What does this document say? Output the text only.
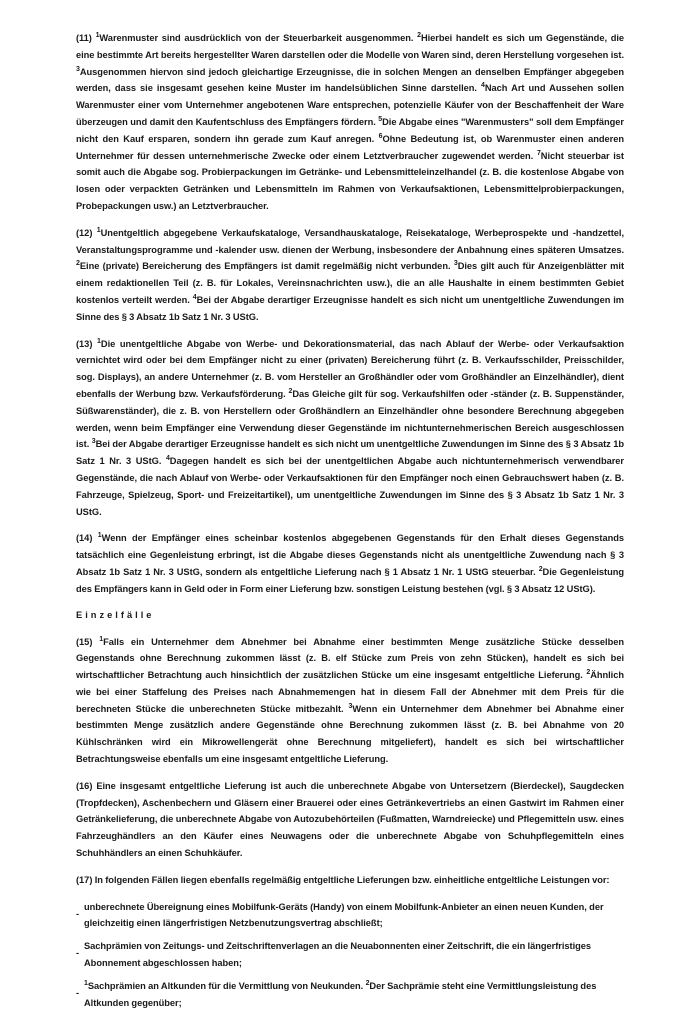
(11) $^1$Warenmuster sind ausdrücklich von der Steuerbarkeit ausgenommen. $^2$Hierbei handelt es sich um Gegenstände, die eine bestimmte Art bereits hergestellter Waren darstellen oder die Modelle von Waren sind, deren Herstellung vorgesehen ist. $^3$Ausgenommen hiervon sind jedoch gleichartige Erzeugnisse, die in solchen Mengen an denselben Empfänger abgegeben werden, dass sie insgesamt gesehen keine Muster im handelsüblichen Sinne darstellen. $^4$Nach Art und Aussehen sollen Warenmuster einer vom Unternehmer angebotenen Ware entsprechen, potenzielle Käufer von der Beschaffenheit der Ware überzeugen und damit den Kaufentschluss des Empfängers fördern. $^5$Die Abgabe eines "Warenmusters" soll dem Empfänger nicht den Kauf ersparen, sondern ihn gerade zum Kauf anregen. $^6$Ohne Bedeutung ist, ob Warenmuster einen anderen Unternehmer für dessen unternehmerische Zwecke oder einem Letztverbraucher zugewendet werden. $^7$Nicht steuerbar ist somit auch die Abgabe sog. Probierpackungen im Getränke- und Lebensmitteleinzelhandel (z. B. die kostenlose Abgabe von losen oder verpackten Getränken und Lebensmitteln im Rahmen von Verkaufsaktionen, Lebensmittelprobierpackungen, Probepackungen usw.) an Letztverbraucher.
(12) $^1$Unentgeltlich abgegebene Verkaufskataloge, Versandhauskataloge, Reisekataloge, Werbeprospekte und -handzettel, Veranstaltungsprogramme und -kalender usw. dienen der Werbung, insbesondere der Anbahnung eines späteren Umsatzes. $^2$Eine (private) Bereicherung des Empfängers ist damit regelmäßig nicht verbunden. $^3$Dies gilt auch für Anzeigenblätter mit einem redaktionellen Teil (z. B. für Lokales, Vereinsnachrichten usw.), die an alle Haushalte in einem bestimmten Gebiet kostenlos verteilt werden. $^4$Bei der Abgabe derartiger Erzeugnisse handelt es sich nicht um unentgeltliche Zuwendungen im Sinne des § 3 Absatz 1b Satz 1 Nr. 3 UStG.
(13) $^1$Die unentgeltliche Abgabe von Werbe- und Dekorationsmaterial, das nach Ablauf der Werbe- oder Verkaufsaktion vernichtet wird oder bei dem Empfänger nicht zu einer (privaten) Bereicherung führt (z. B. Verkaufsschilder, Preisschilder, sog. Displays), an andere Unternehmer (z. B. vom Hersteller an Großhändler oder vom Großhändler an Einzelhändler), dient ebenfalls der Werbung bzw. Verkaufsförderung. $^2$Das Gleiche gilt für sog. Verkaufshilfen oder -ständer (z. B. Suppenständer, Süßwarenständer), die z. B. von Herstellern oder Großhändlern an Einzelhändler ohne besondere Berechnung abgegeben werden, wenn beim Empfänger eine Verwendung dieser Gegenstände im nichtunternehmerischen Bereich ausgeschlossen ist. $^3$Bei der Abgabe derartiger Erzeugnisse handelt es sich nicht um unentgeltliche Zuwendungen im Sinne des § 3 Absatz 1b Satz 1 Nr. 3 UStG. $^4$Dagegen handelt es sich bei der unentgeltlichen Abgabe auch nichtunternehmerisch verwendbarer Gegenstände, die nach Ablauf von Werbe- oder Verkaufsaktionen für den Empfänger noch einen Gebrauchswert haben (z. B. Fahrzeuge, Spielzeug, Sport- und Freizeitartikel), um unentgeltliche Zuwendungen im Sinne des § 3 Absatz 1b Satz 1 Nr. 3 UStG.
(14) $^1$Wenn der Empfänger eines scheinbar kostenlos abgegebenen Gegenstands für den Erhalt dieses Gegenstands tatsächlich eine Gegenleistung erbringt, ist die Abgabe dieses Gegenstands nicht als unentgeltliche Zuwendung nach § 3 Absatz 1b Satz 1 Nr. 3 UStG, sondern als entgeltliche Lieferung nach § 1 Absatz 1 Nr. 1 UStG steuerbar. $^2$Die Gegenleistung des Empfängers kann in Geld oder in Form einer Lieferung bzw. sonstigen Leistung bestehen (vgl. § 3 Absatz 12 UStG).
Einzelfälle
(15) $^1$Falls ein Unternehmer dem Abnehmer bei Abnahme einer bestimmten Menge zusätzliche Stücke desselben Gegenstands ohne Berechnung zukommen lässt (z. B. elf Stücke zum Preis von zehn Stücken), handelt es sich bei wirtschaftlicher Betrachtung auch hinsichtlich der zusätzlichen Stücke um eine insgesamt entgeltliche Lieferung. $^2$Ähnlich wie bei einer Staffelung des Preises nach Abnahmemengen hat in diesem Fall der Abnehmer mit dem Preis für die berechneten Stücke die unberechneten Stücke mitbezahlt. $^3$Wenn ein Unternehmer dem Abnehmer bei Abnahme einer bestimmten Menge zusätzlich andere Gegenstände ohne Berechnung zukommen lässt (z. B. bei Abnahme von 20 Kühlschränken wird ein Mikrowellengerät ohne Berechnung mitgeliefert), handelt es sich bei wirtschaftlicher Betrachtungsweise ebenfalls um eine insgesamt entgeltliche Lieferung.
(16) Eine insgesamt entgeltliche Lieferung ist auch die unberechnete Abgabe von Untersetzern (Bierdeckel), Saugdecken (Tropfdecken), Aschenbechern und Gläsern einer Brauerei oder eines Getränkevertriebs an einen Gastwirt im Rahmen einer Getränkelieferung, die unberechnete Abgabe von Autozubehörteilen (Fußmatten, Warndreiecke) und Pflegemitteln usw. eines Fahrzeughändlers an den Käufer eines Neuwagens oder die unberechnete Abgabe von Schuhpflegemitteln eines Schuhhändlers an einen Schuhkäufer.
(17) In folgenden Fällen liegen ebenfalls regelmäßig entgeltliche Lieferungen bzw. einheitliche entgeltliche Leistungen vor:
-
unberechnete Übereignung eines Mobilfunk-Geräts (Handy) von einem Mobilfunk-Anbieter an einen neuen Kunden, der gleichzeitig einen längerfristigen Netzbenutzungsvertrag abschließt;
-
Sachprämien von Zeitungs- und Zeitschriftenverlagen an die Neuabonnenten einer Zeitschrift, die ein längerfristiges Abonnement abgeschlossen haben;
-
$^1$Sachprämien an Altkunden für die Vermittlung von Neukunden. $^2$Der Sachprämie steht eine Vermittlungsleistung des Altkunden gegenüber;
